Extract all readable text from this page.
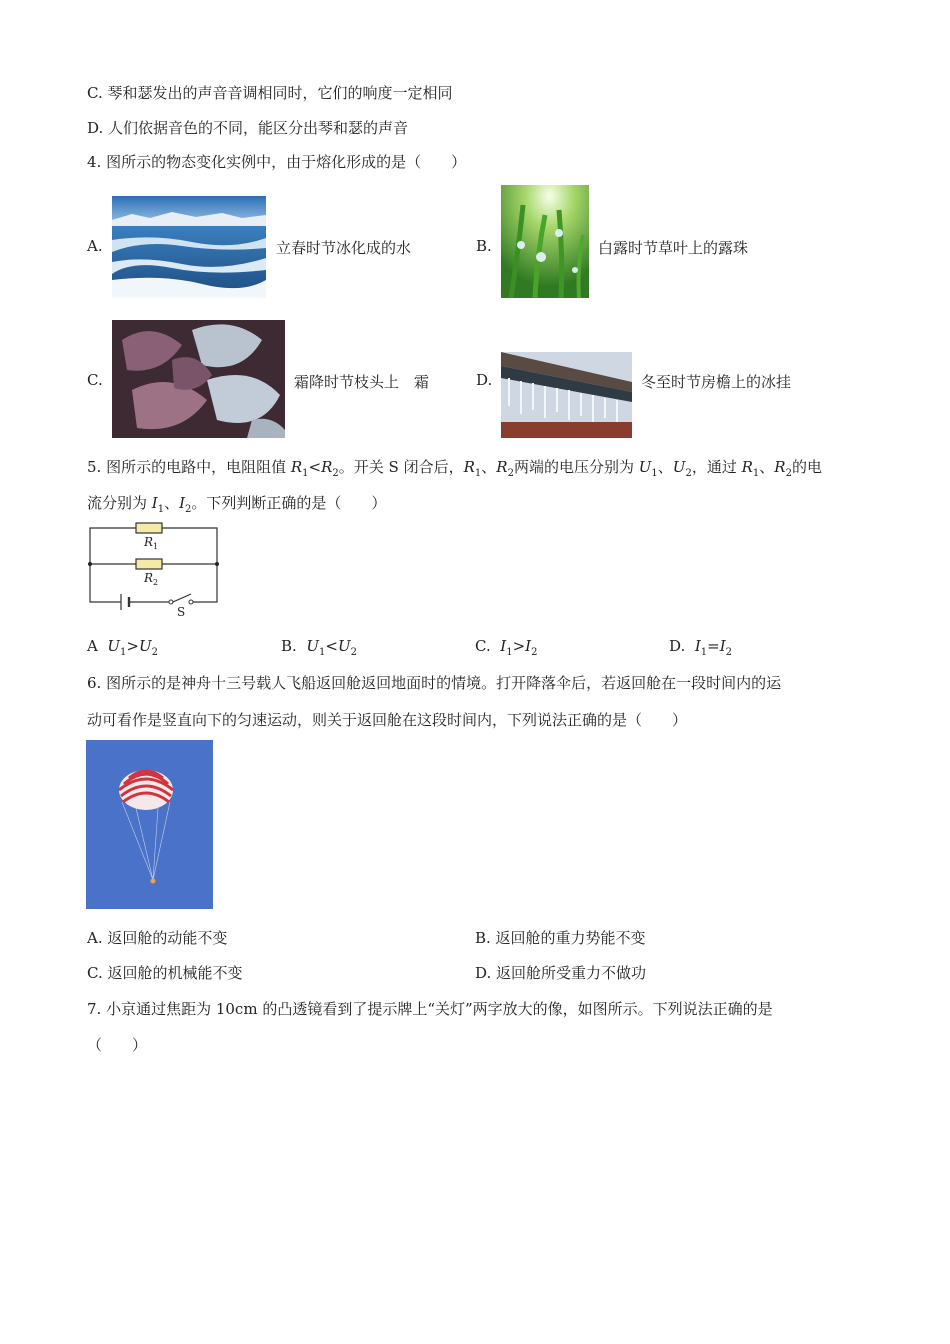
C. 琴和瑟发出的声音音调相同时，它们的响度一定相同
D. 人们依据音色的不同，能区分出琴和瑟的声音
4. 图所示的物态变化实例中，由于熔化形成的是（　　）
A.	立春时节冰化成的水	B.	白露时节草叶上的露珠
C.	霜降时节枝头上　霜	D.	冬至时节房檐上的冰挂
5. 图所示的电路中，电阻阻值 $R_1<R_2$。开关 S 闭合后，$R_1$、$R_2$两端的电压分别为 $U_1$、$U_2$，通过 $R_1$、$R_2$的电
流分别为 $I_1$、$I_2$。下列判断正确的是（　　）
$R_1$
$R_2$
S
A $U_1>U_2$	B. $U_1<U_2$	C. $I_1>I_2$	D. $I_1=I_2$
6. 图所示的是神舟十三号载人飞船返回舱返回地面时的情境。打开降落伞后，若返回舱在一段时间内的运
动可看作是竖直向下的匀速运动，则关于返回舱在这段时间内，下列说法正确的是（　　）
A. 返回舱的动能不变	B. 返回舱的重力势能不变
C. 返回舱的机械能不变	D. 返回舱所受重力不做功
7. 小京通过焦距为 10cm 的凸透镜看到了提示牌上“关灯”两字放大的像，如图所示。下列说法正确的是
（　　）
